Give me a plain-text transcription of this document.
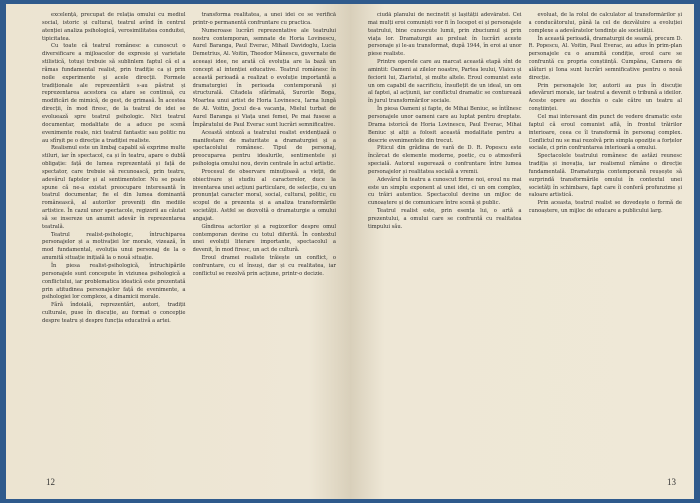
excelență, precupat de relația omului cu mediul social, istoric și cultural, teatrul avînd în centrul atenției analiza psihologică, verosimilitatea conduitei, tipicitatea.

Cu toate că teatrul românesc a cunoscut o diversificare a mijloacelor de expresie și varietate stilistică, totuși trebuie să sublinlem faptul că el a rămas fundamental realist, prin tradiție ca și prin noile experimente și acele direcții. Formele tradiționale ale reprezentării s-au păstrat și reprezentarea acestora ca atare se continuă, cu modificări de mimică, de gest, de grimasă. În acestea direcții, în mod firesc, de la teatrul de idei se evoluează spre teatrul psihologic. Nici teatrul documentar, modalitate de a aduce pe scenă evenimente reale, nici teatrul fantastic sau politic nu au sfîrșit pe o direcție a tradiției realiste.

Realismul este un limbaj capabil să exprime multe stiluri, iar în spectacol, ca și în teatru, apare o dublă obligație: față de lumea reprezentată și față de spectator, care trebuie să recunoască, prin teatru, adevărul faptelor și al sentimentelor. Nu se poate spune că ne-a existat preocupare interesantă în teatrul documentar, fie el din lumea dominantă românească, al autorilor proveniți din mediile artistice. În cazul unor spectacole, regizorii au căutat să se insereze un anumit adevăr în reprezentarea teatrală.

Teatrul realist-psihologic, întruchiparea personajelor și a motivației lor morale, vizează, în mod fundamental, evoluția unui personaj de la o anumită situație inițială la o nouă situație.

În piesa realist-psihologică, întruchipările personajele sunt concepute în viziunea psihologică a conflictului, iar problematica ideatică este prezentată prin atitudinea personajelor față de evenimente, a psihologiei lor complexe, a dinamicii morale.

Fără îndoială, reprezentări, autori, tradiții culturale, puse în discuție, au format o concepție despre teatru și despre funcția educativă a artei.

transforma realitatea, a unei idei ce se verifică printr-o permanentă confruntare cu practica.

Numeroase lucrări reprezentative ale teatrului nostru contemporan, semnate de Horia Lovinescu, Aurel Baranga, Paul Everac, Mihail Davidoglu, Lucia Demetrius, Al. Voitin, Theodor Mănescu, guvernate de aceeași idee, ne arată că evoluția are la bază un concept al intenției educative. Teatrul românesc în această perioadă a realizat o evoluție importantă a dramaturgiei în perioada contemporană și structurală. Citadela sfărîmată, Surorile Boga, Moartea unui artist de Horia Lovinescu, Iarna lungă de Al. Voitin, Jocul de-a vacanța, Mielul turbat de Aurel Baranga și Viața unei femei, Pe mai fusese a Împăratului de Paul Everac sunt lucrări semnificative.

Această sinteză a teatrului realist evidențiază o manifestare de maturitate a dramaturgiei și a spectacolului românesc. Tipul de personaj, preocuparea pentru idealurile, sentimentele și psihologia omului nou, devin centrale în actul artistic.

Procesul de observare minuțioasă a vieții, de obiectivare și studiu al caracterelor, duce la inventarea unei acțiuni particulare, de selecție, cu un pronunțat caracter moral, social, cultural, politic, cu scopul de a prezenta și a analiza transformările societății. Astfel se dezvoltă o dramaturgie a omului angajat.

Gîndirea actorilor și a regizorilor despre omul contemporan devine cu totul diferită. În contextul unei evoluții literare importante, spectacolul a devenit, în mod firesc, un act de cultură.

Eroul dramei realiste trăiește un conflict, o confruntare, cu el însuși, dar și cu realitatea, iar conflictul se rezolvă prin acțiune, printr-o decizie.

12

ciudă planului de necinstit și lașității adevăratei. Cei mai mulți eroi comuniști vor fi în Iocepot ei și personajele teatrului, bine cunoscute lumii, prin zbuciumul și prin viața lor. Dramaturgii au preluat în lucrări aceste personaje și le-au transformat, după 1944, în eroi ai unor piese realiste.

Printre operele care au marcat această etapă sînt de amintit: Oameni ai zilelor noastre, Partea leului, Vlaicu și feciorii lui, Ziaristul, și multe altele. Eroul comunist este un om capabil de sacrificiu, însuflețit de un ideal, un om al faptei, al acțiunii, iar conflictul dramatic se conturează în jurul transformărilor sociale.

În piesa Oameni și fapte, de Mihai Beniuc, se întîlnesc personajele unor oameni care au luptat pentru dreptate. Drama istorică de Horia Lovinescu, Paul Everac, Mihai Beniuc și alții a folosit această modalitate pentru a descrie evenimentele din trecut.

Piticul din grădina de vară de D. R. Popescu este încărcat de elemente moderne, poetic, cu o atmosferă specială. Autorul sugerează o confruntare între lumea personajelor și realitatea socială a vremii.

Adevărul în teatru a cunoscut forme noi, eroul nu mai este un simplu exponent al unei idei, ci un om complex, cu trăiri autentice. Spectacolul devine un mijloc de cunoaștere și de comunicare între scenă și public.

Teatrul realist este, prin esența lui, o artă a prezentului, a omului care se confruntă cu realitatea timpului său.

evoluat, de la rolul de calculator al transformărilor și a conducătorului, până la cel de dezvăluire a evoluției complexe a adevăratelor tendințe ale societății.

În această perioadă, dramaturgii de seamă, precum D. R. Popescu, Al. Voitin, Paul Everac, au adus în prim-plan personajele cu o anumită condiție, eroul care se confruntă cu propria conștiință. Cumpăna, Camera de alături și Iona sunt lucrări semnificative pentru o nouă direcție.

Prin personajele lor, autorii au pus în discuție adevăruri morale, iar teatrul a devenit o tribună a ideilor. Aceste opere au deschis o cale către un teatru al conștiinței.

Cel mai interesant din punct de vedere dramatic este faptul că eroul comunist află, în frontul trăirilor interioare, ceea ce îl transformă în personaj complex. Conflictul nu se mai rezolvă prin simpla opoziție a forțelor sociale, ci prin confruntarea interioară a omului.

Spectacolele teatrului românesc de astăzi reunesc tradiția și inovația, iar realismul rămâne o direcție fundamentală. Dramaturgia contemporană reușește să surprindă transformările omului în contextul unei societăți în schimbare, fapt care îi conferă profunzime și valoare artistică.

Prin aceasta, teatrul realist se dovedește o formă de cunoaștere, un mijloc de educare a publicului larg.

13
